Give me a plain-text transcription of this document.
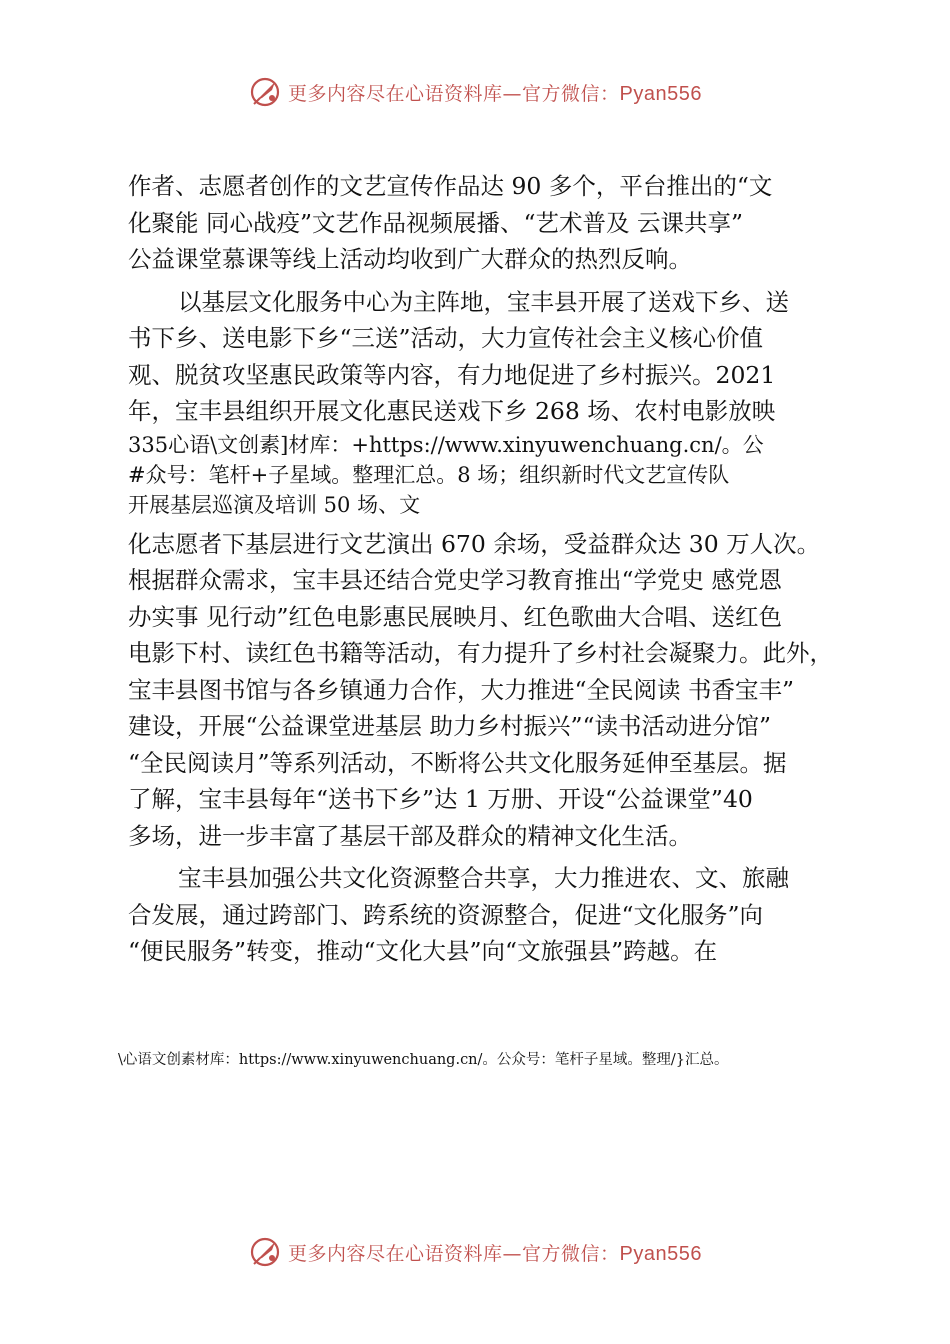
更多内容尽在心语资料库—官方微信：Pyan556
作者、志愿者创作的文艺宣传作品达 90 多个，平台推出的“文
化聚能 同心战疫”文艺作品视频展播、“艺术普及 云课共享”
公益课堂慕课等线上活动均收到广大群众的热烈反响。
以基层文化服务中心为主阵地，宝丰县开展了送戏下乡、送
书下乡、送电影下乡“三送”活动，大力宣传社会主义核心价值
观、脱贫攻坚惠民政策等内容，有力地促进了乡村振兴。2021
年，宝丰县组织开展文化惠民送戏下乡 268 场、农村电影放映
335心语\文创素]材库：+https://www.xinyuwenchuang.cn/。公
#众号：笔杆+子星域。整理汇总。8 场；组织新时代文艺宣传队
开展基层巡演及培训 50 场、文
化志愿者下基层进行文艺演出 670 余场，受益群众达 30 万人次。
根据群众需求，宝丰县还结合党史学习教育推出“学党史 感党恩
办实事 见行动”红色电影惠民展映月、红色歌曲大合唱、送红色
电影下村、读红色书籍等活动，有力提升了乡村社会凝聚力。此外，
宝丰县图书馆与各乡镇通力合作，大力推进“全民阅读 书香宝丰”
建设，开展“公益课堂进基层 助力乡村振兴”“读书活动进分馆”
“全民阅读月”等系列活动，不断将公共文化服务延伸至基层。据
了解，宝丰县每年“送书下乡”达 1 万册、开设“公益课堂”40
多场，进一步丰富了基层干部及群众的精神文化生活。
宝丰县加强公共文化资源整合共享，大力推进农、文、旅融
合发展，通过跨部门、跨系统的资源整合，促进“文化服务”向
“便民服务”转变，推动“文化大县”向“文旅强县”跨越。在
\心语文创素材库：https://www.xinyuwenchuang.cn/。公众号：笔杆子星域。整理/}汇总。
更多内容尽在心语资料库—官方微信：Pyan556
